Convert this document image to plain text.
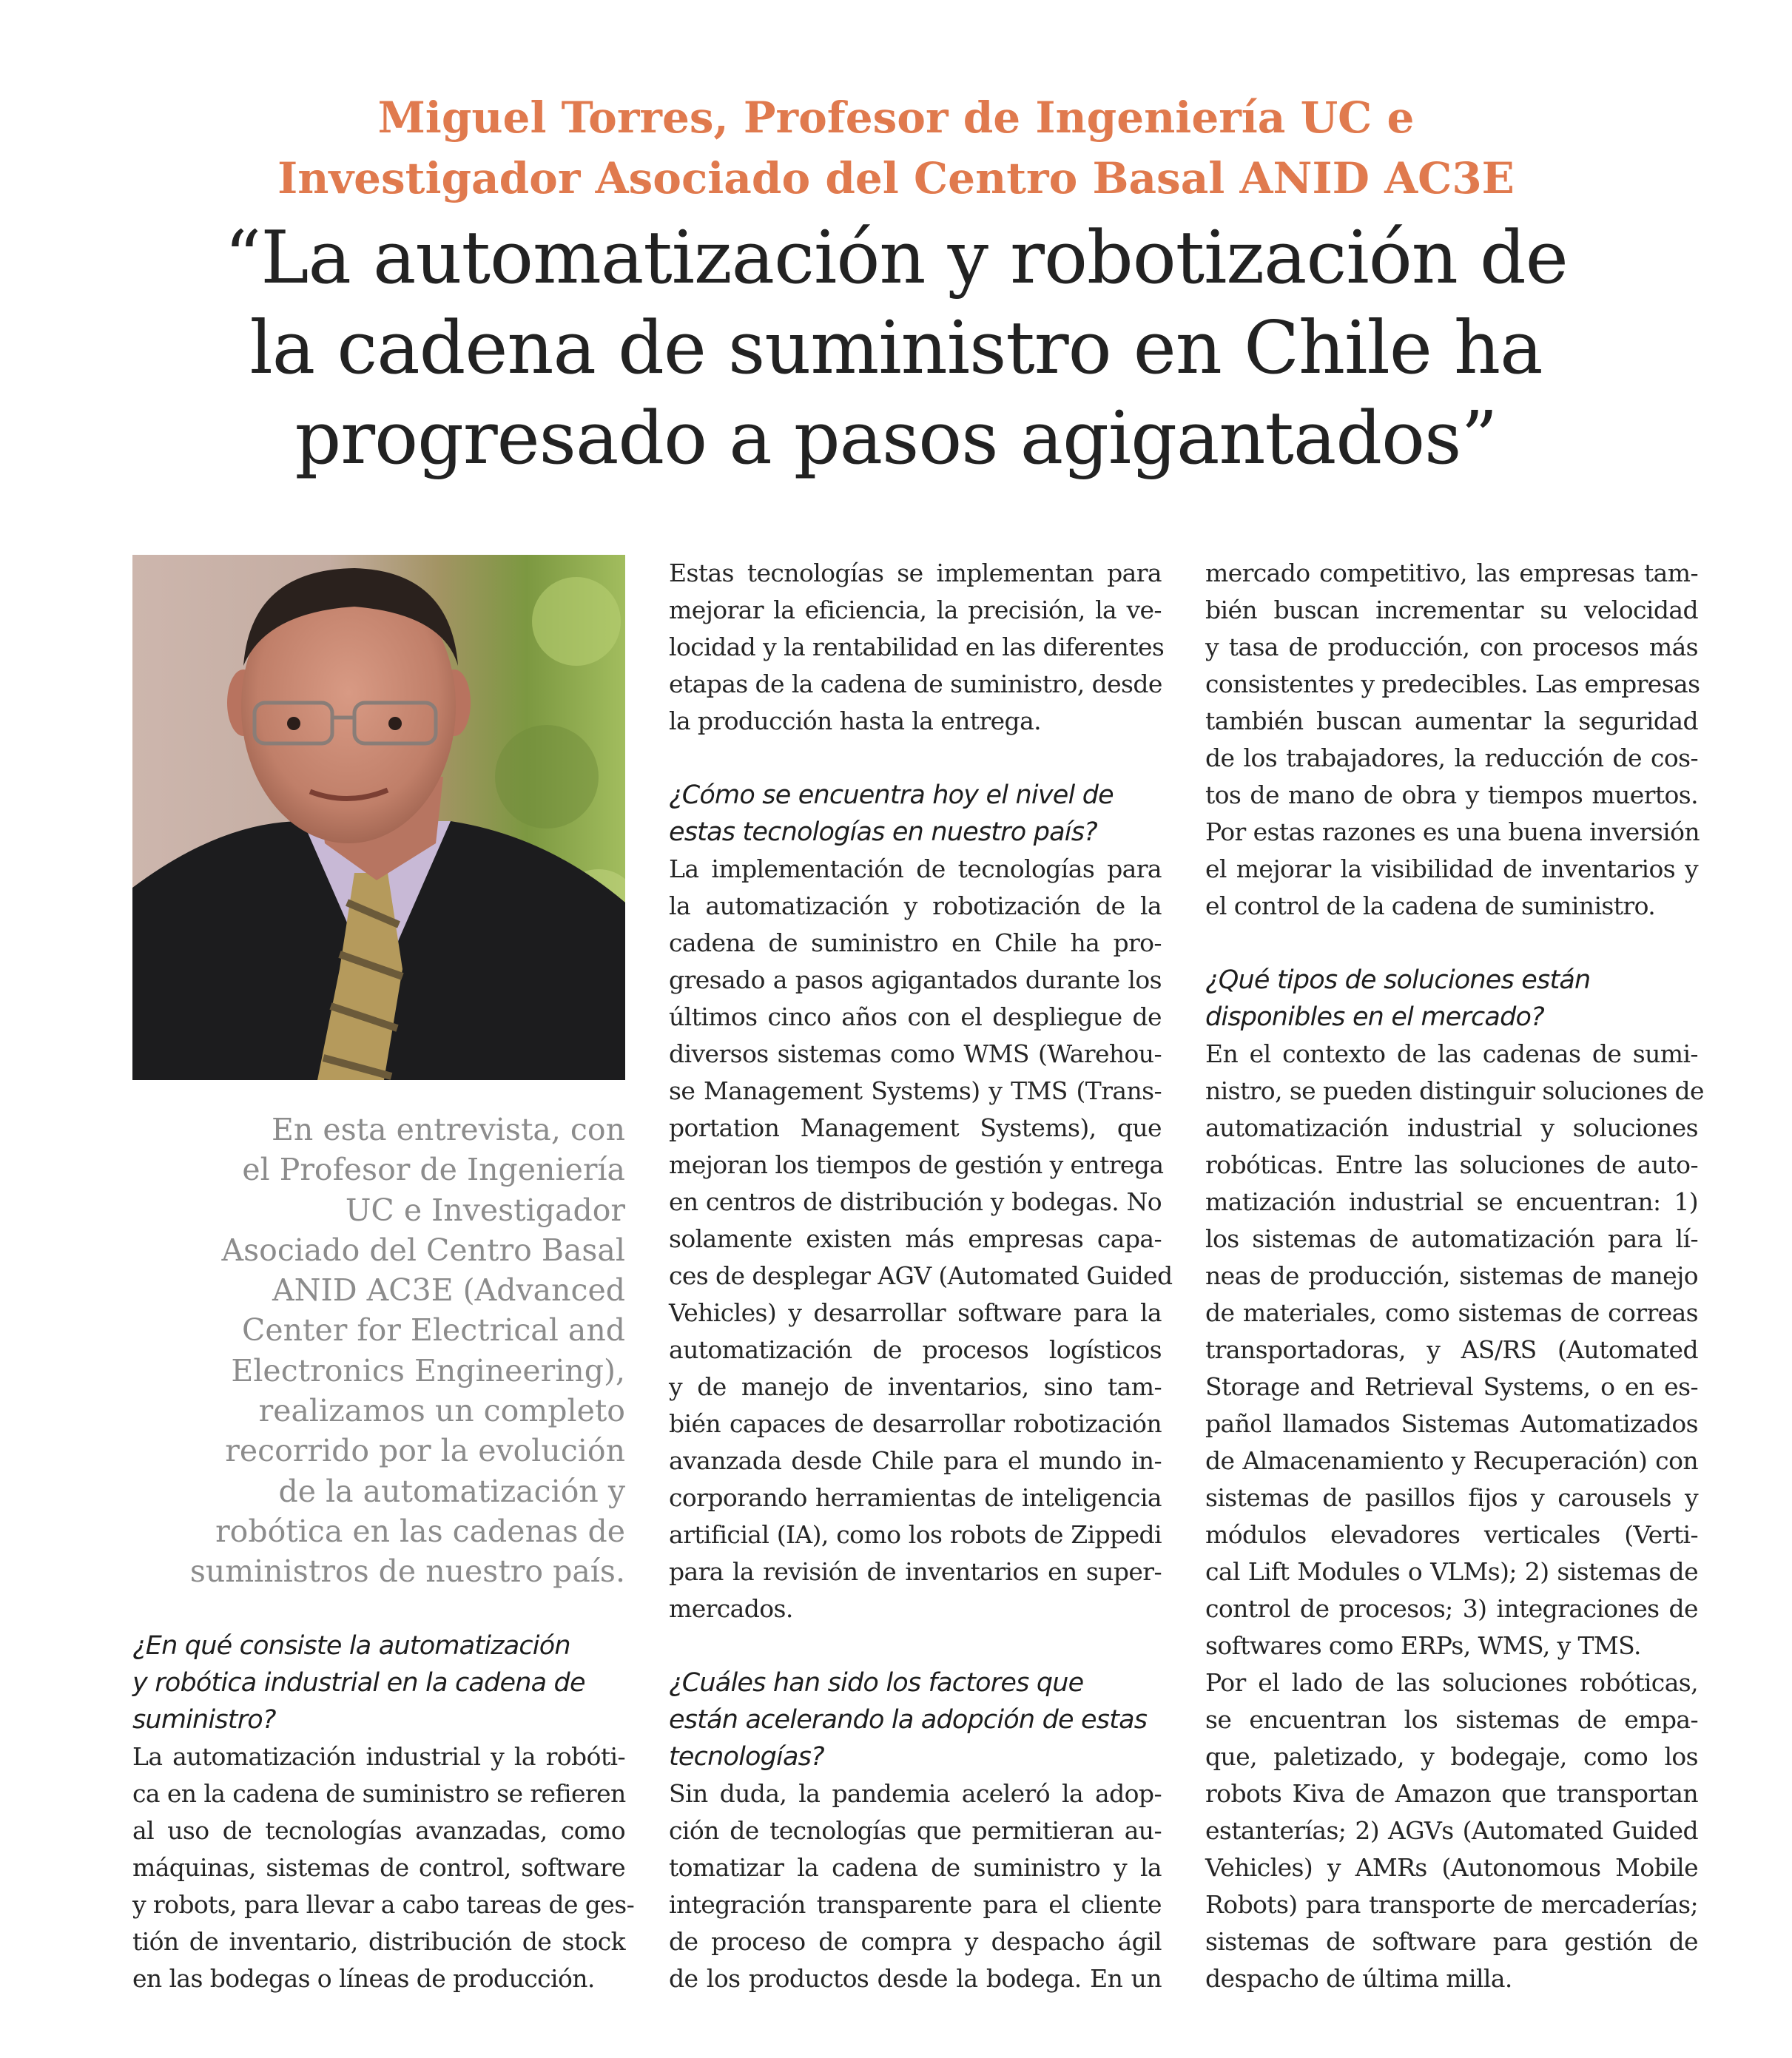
Miguel Torres, Profesor de Ingeniería UC e
Investigador Asociado del Centro Basal ANID AC3E
“La automatización y robotización de
la cadena de suministro en Chile ha
progresado a pasos agigantados”

En esta entrevista, con
el Profesor de Ingeniería
UC e Investigador
Asociado del Centro Basal
ANID AC3E (Advanced
Center for Electrical and
Electronics Engineering),
realizamos un completo
recorrido por la evolución
de la automatización y
robótica en las cadenas de
suministros de nuestro país.

¿En qué consiste la automatización
y robótica industrial en la cadena de
suministro?

La automatización industrial y la robóti-
ca en la cadena de suministro se refieren
al uso de tecnologías avanzadas, como
máquinas, sistemas de control, software
y robots, para llevar a cabo tareas de ges-
tión de inventario, distribución de stock
en las bodegas o líneas de producción.

Estas tecnologías se implementan para
mejorar la eficiencia, la precisión, la ve-
locidad y la rentabilidad en las diferentes
etapas de la cadena de suministro, desde
la producción hasta la entrega.

¿Cómo se encuentra hoy el nivel de
estas tecnologías en nuestro país?

La implementación de tecnologías para
la automatización y robotización de la
cadena de suministro en Chile ha pro-
gresado a pasos agigantados durante los
últimos cinco años con el despliegue de
diversos sistemas como WMS (Warehou-
se Management Systems) y TMS (Trans-
portation Management Systems), que
mejoran los tiempos de gestión y entrega
en centros de distribución y bodegas. No
solamente existen más empresas capa-
ces de desplegar AGV (Automated Guided
Vehicles) y desarrollar software para la
automatización de procesos logísticos
y de manejo de inventarios, sino tam-
bién capaces de desarrollar robotización
avanzada desde Chile para el mundo in-
corporando herramientas de inteligencia
artificial (IA), como los robots de Zippedi
para la revisión de inventarios en super-
mercados.

¿Cuáles han sido los factores que
están acelerando la adopción de estas
tecnologías?

Sin duda, la pandemia aceleró la adop-
ción de tecnologías que permitieran au-
tomatizar la cadena de suministro y la
integración transparente para el cliente
de proceso de compra y despacho ágil
de los productos desde la bodega. En un

mercado competitivo, las empresas tam-
bién buscan incrementar su velocidad
y tasa de producción, con procesos más
consistentes y predecibles. Las empresas
también buscan aumentar la seguridad
de los trabajadores, la reducción de cos-
tos de mano de obra y tiempos muertos.
Por estas razones es una buena inversión
el mejorar la visibilidad de inventarios y
el control de la cadena de suministro.

¿Qué tipos de soluciones están
disponibles en el mercado?

En el contexto de las cadenas de sumi-
nistro, se pueden distinguir soluciones de
automatización industrial y soluciones
robóticas. Entre las soluciones de auto-
matización industrial se encuentran: 1)
los sistemas de automatización para lí-
neas de producción, sistemas de manejo
de materiales, como sistemas de correas
transportadoras, y AS/RS (Automated
Storage and Retrieval Systems, o en es-
pañol llamados Sistemas Automatizados
de Almacenamiento y Recuperación) con
sistemas de pasillos fijos y carousels y
módulos elevadores verticales (Verti-
cal Lift Modules o VLMs); 2) sistemas de
control de procesos; 3) integraciones de
softwares como ERPs, WMS, y TMS.

Por el lado de las soluciones robóticas,
se encuentran los sistemas de empa-
que, paletizado, y bodegaje, como los
robots Kiva de Amazon que transportan
estanterías; 2) AGVs (Automated Guided
Vehicles) y AMRs (Autonomous Mobile
Robots) para transporte de mercaderías;
sistemas de software para gestión de
despacho de última milla.
